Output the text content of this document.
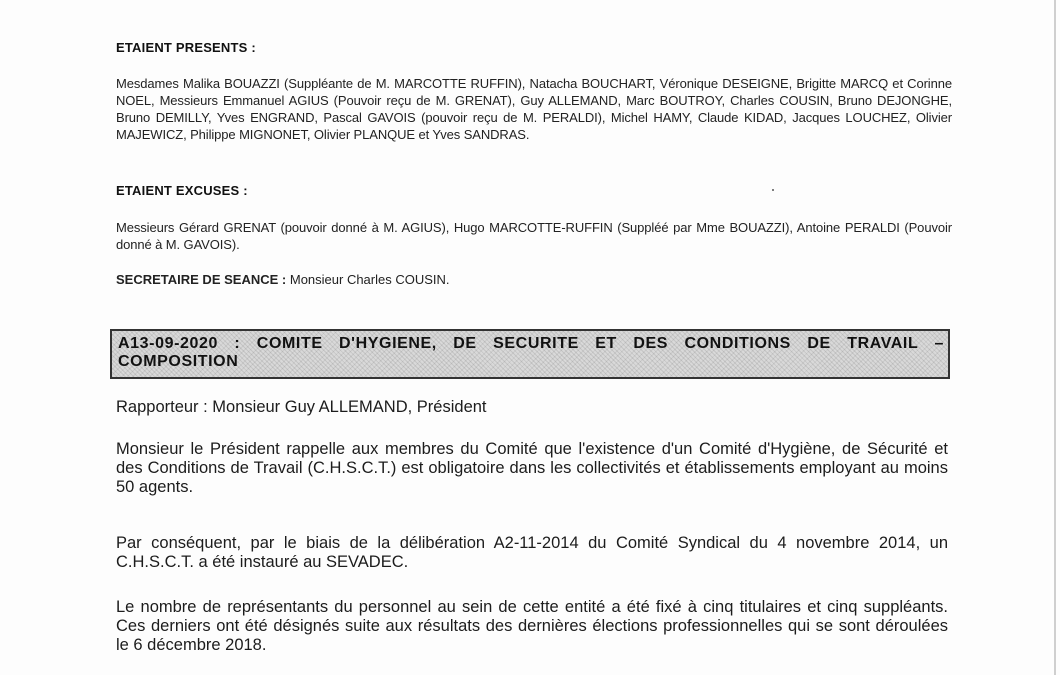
ETAIENT PRESENTS :
Mesdames Malika BOUAZZI (Suppléante de M. MARCOTTE RUFFIN), Natacha BOUCHART, Véronique DESEIGNE, Brigitte MARCQ et Corinne NOEL, Messieurs Emmanuel AGIUS (Pouvoir reçu de M. GRENAT), Guy ALLEMAND, Marc BOUTROY, Charles COUSIN, Bruno DEJONGHE, Bruno DEMILLY, Yves ENGRAND, Pascal GAVOIS (pouvoir reçu de M. PERALDI), Michel HAMY, Claude KIDAD, Jacques LOUCHEZ, Olivier MAJEWICZ, Philippe MIGNONET, Olivier PLANQUE et Yves SANDRAS.
ETAIENT EXCUSES :
Messieurs Gérard GRENAT (pouvoir donné à M. AGIUS), Hugo MARCOTTE-RUFFIN (Suppléé par Mme BOUAZZI), Antoine PERALDI (Pouvoir donné à M. GAVOIS).
SECRETAIRE DE SEANCE : Monsieur Charles COUSIN.
A13-09-2020 : COMITE D'HYGIENE, DE SECURITE ET DES CONDITIONS DE TRAVAIL – COMPOSITION
Rapporteur : Monsieur Guy ALLEMAND, Président
Monsieur le Président rappelle aux membres du Comité que l'existence d'un Comité d'Hygiène, de Sécurité et des Conditions de Travail (C.H.S.C.T.) est obligatoire dans les collectivités et établissements employant au moins 50 agents.
Par conséquent, par le biais de la délibération A2-11-2014 du Comité Syndical du 4 novembre 2014, un C.H.S.C.T. a été instauré au SEVADEC.
Le nombre de représentants du personnel au sein de cette entité a été fixé à cinq titulaires et cinq suppléants. Ces derniers ont été désignés suite aux résultats des dernières élections professionnelles qui se sont déroulées le 6 décembre 2018.
